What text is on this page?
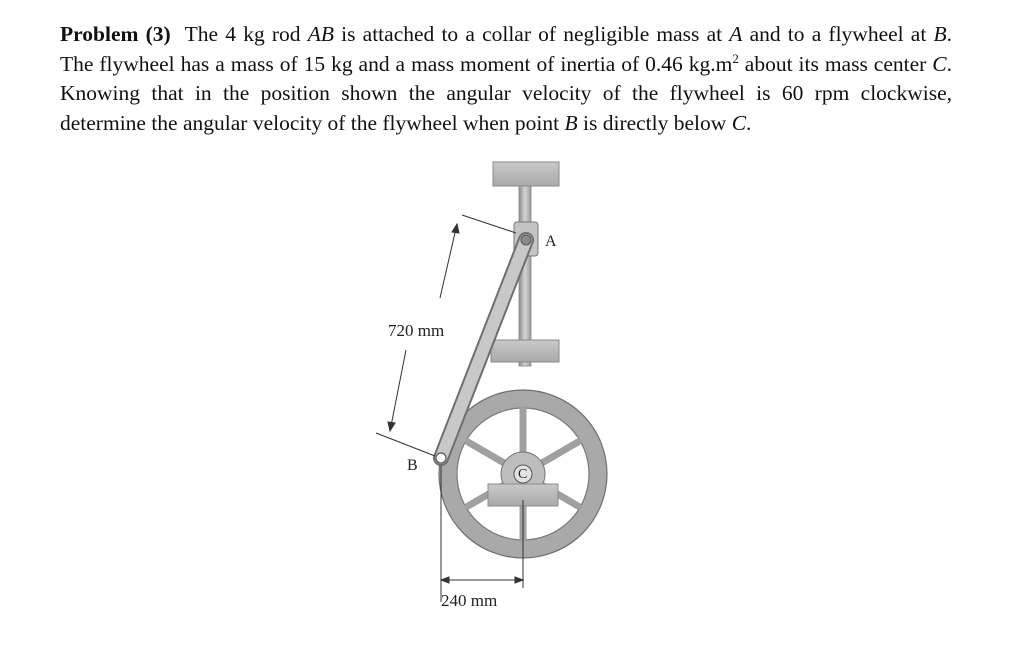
Problem (3) The 4 kg rod AB is attached to a collar of negligible mass at A and to a flywheel at B. The flywheel has a mass of 15 kg and a mass moment of inertia of 0.46 $kg.m^2$ about its mass center C. Knowing that in the position shown the angular velocity of the flywheel is 60 rpm clockwise, determine the angular velocity of the flywheel when point B is directly below C.
720 mm
240 mm
A
B
C
